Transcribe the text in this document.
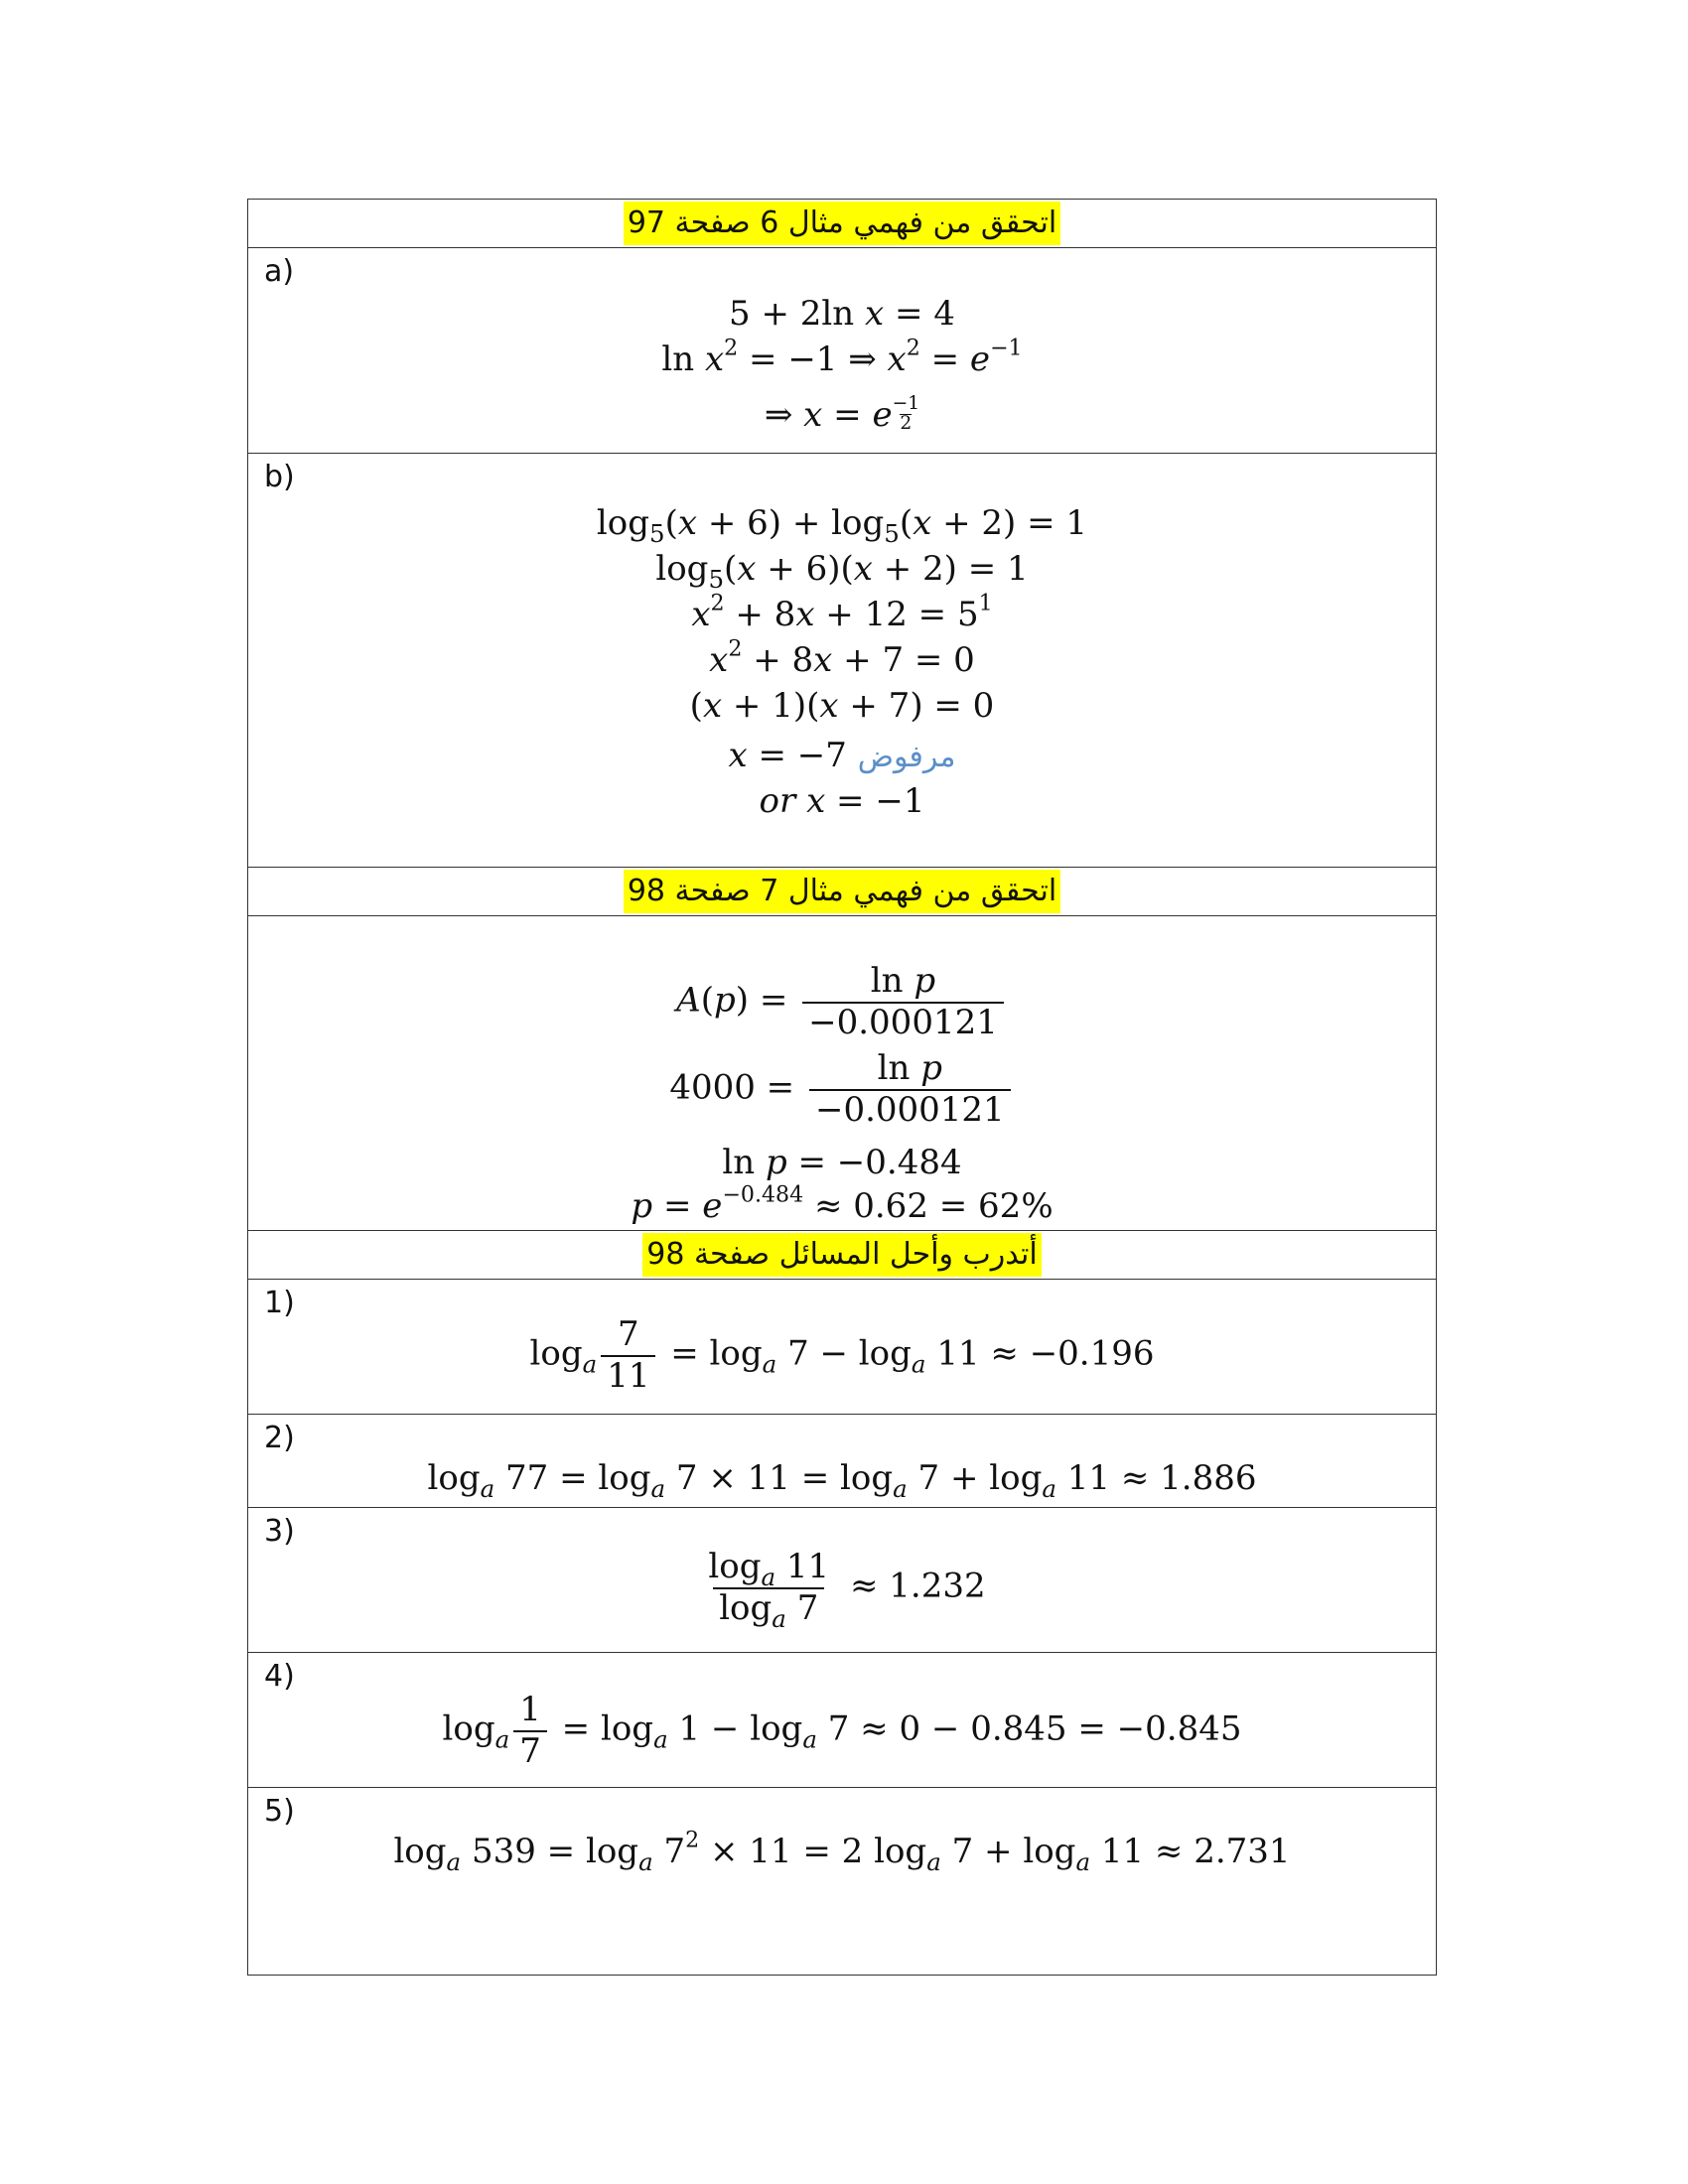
اتحقق من فهمي مثال 6 صفحة 97
a)
5 + 2ln x = 4
$\ln x^2 = -1$ ⇒ $x^2 = e^{-1}$
⇒ x = e $\frac{-1}{2}$
b)
$\log_5(x + 6) + \log_5(x + 2) = 1$
$\log_5(x + 6)(x + 2) = 1$
$x^2 + 8x + 12 = 5^1$
$x^2 + 8x + 7 = 0$
(x + 1)(x + 7) = 0
x = −7 مرفوض
or x = −1
اتحقق من فهمي مثال 7 صفحة 98
$A(p) = \frac{\text{ln p}}{-0.000121}$
$4000 = \frac{\text{ln p}}{-0.000121}$
ln p = −0.484
$p = e^{-0.484} \approx 0.62 = 62\%$
أتدرب وأحل المسائل صفحة 98
1)
$\log_a \frac{7}{11} = \log_a 7 - \log_a 11 \approx -0.196$
2)
$\log_a 77 = \log_a 7 \times 11 = \log_a 7 + \log_a 11 \approx 1.886$
3)
$\frac{\log_a 11}{\log_a 7} \approx 1.232$
4)
$\log_a \frac{1}{7} = \log_a 1 - \log_a 7 \approx 0 - 0.845 = -0.845$
5)
$\log_a 539 = \log_a 7^2 \times 11 = 2$ $\log_a 7 + \log_a 11 \approx 2.731$
